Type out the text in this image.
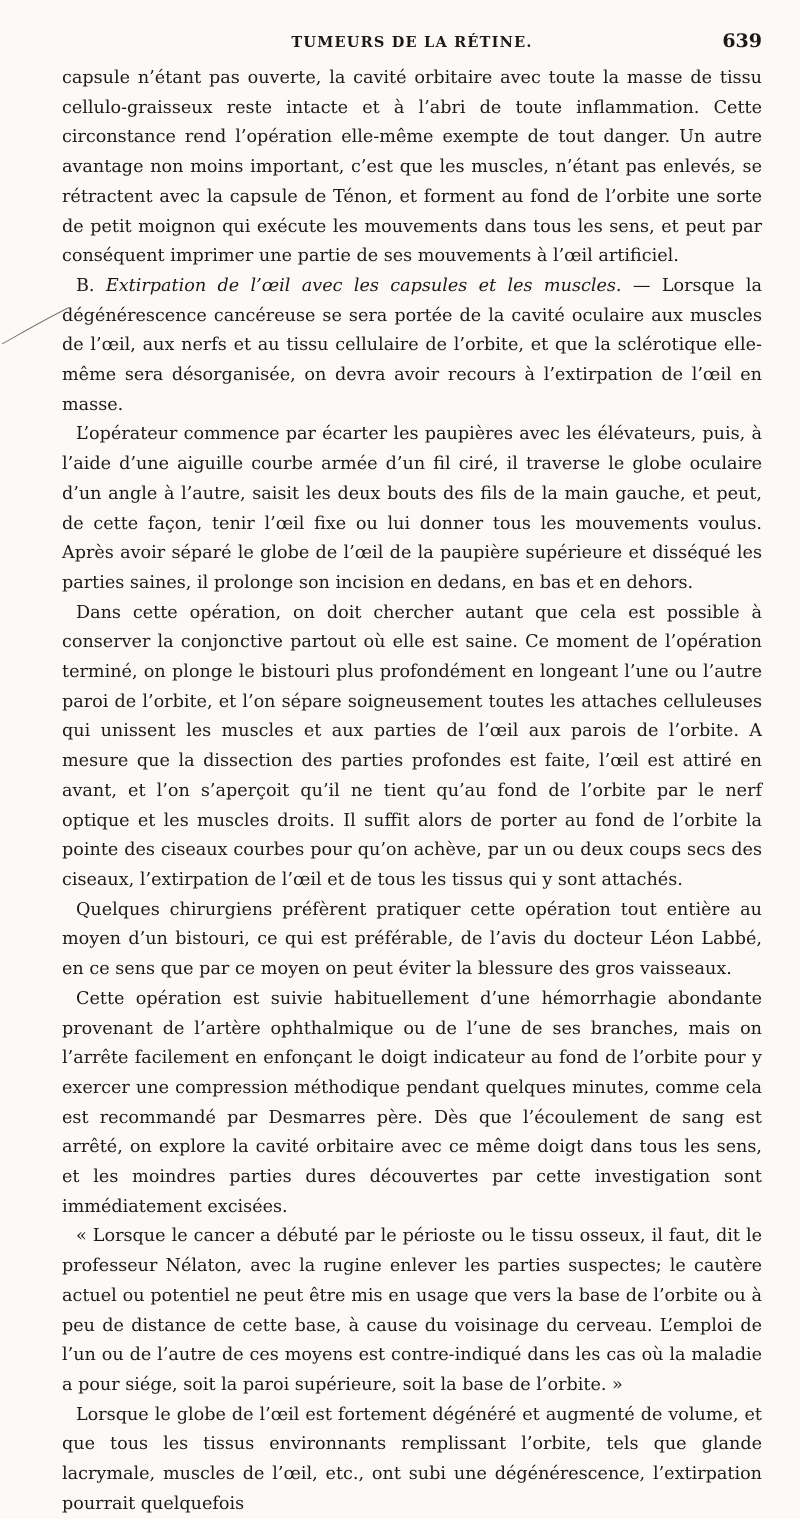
TUMEURS DE LA RÉTINE.	639

capsule n’étant pas ouverte, la cavité orbitaire avec toute la masse de tissu cellulo-graisseux reste intacte et à l’abri de toute inflammation. Cette circonstance rend l’opération elle-même exempte de tout danger. Un autre avantage non moins important, c’est que les muscles, n’étant pas enlevés, se rétractent avec la capsule de Ténon, et forment au fond de l’orbite une sorte de petit moignon qui exécute les mouvements dans tous les sens, et peut par conséquent imprimer une partie de ses mouvements à l’œil artificiel.

B. Extirpation de l’œil avec les capsules et les muscles. — Lorsque la dégénérescence cancéreuse se sera portée de la cavité oculaire aux muscles de l’œil, aux nerfs et au tissu cellulaire de l’orbite, et que la sclérotique elle-même sera désorganisée, on devra avoir recours à l’extirpation de l’œil en masse.

L’opérateur commence par écarter les paupières avec les élévateurs, puis, à l’aide d’une aiguille courbe armée d’un fil ciré, il traverse le globe oculaire d’un angle à l’autre, saisit les deux bouts des fils de la main gauche, et peut, de cette façon, tenir l’œil fixe ou lui donner tous les mouvements voulus. Après avoir séparé le globe de l’œil de la paupière supérieure et disséqué les parties saines, il prolonge son incision en dedans, en bas et en dehors.

Dans cette opération, on doit chercher autant que cela est possible à conserver la conjonctive partout où elle est saine. Ce moment de l’opération terminé, on plonge le bistouri plus profondément en longeant l’une ou l’autre paroi de l’orbite, et l’on sépare soigneusement toutes les attaches celluleuses qui unissent les muscles et aux parties de l’œil aux parois de l’orbite. A mesure que la dissection des parties profondes est faite, l’œil est attiré en avant, et l’on s’aperçoit qu’il ne tient qu’au fond de l’orbite par le nerf optique et les muscles droits. Il suffit alors de porter au fond de l’orbite la pointe des ciseaux courbes pour qu’on achève, par un ou deux coups secs des ciseaux, l’extirpation de l’œil et de tous les tissus qui y sont attachés.

Quelques chirurgiens préfèrent pratiquer cette opération tout entière au moyen d’un bistouri, ce qui est préférable, de l’avis du docteur Léon Labbé, en ce sens que par ce moyen on peut éviter la blessure des gros vaisseaux.

Cette opération est suivie habituellement d’une hémorrhagie abondante provenant de l’artère ophthalmique ou de l’une de ses branches, mais on l’arrête facilement en enfonçant le doigt indicateur au fond de l’orbite pour y exercer une compression méthodique pendant quelques minutes, comme cela est recommandé par Desmarres père. Dès que l’écoulement de sang est arrêté, on explore la cavité orbitaire avec ce même doigt dans tous les sens, et les moindres parties dures découvertes par cette investigation sont immédiatement excisées.

« Lorsque le cancer a débuté par le périoste ou le tissu osseux, il faut, dit le professeur Nélaton, avec la rugine enlever les parties suspectes; le cautère actuel ou potentiel ne peut être mis en usage que vers la base de l’orbite ou à peu de distance de cette base, à cause du voisinage du cerveau. L’emploi de l’un ou de l’autre de ces moyens est contre-indiqué dans les cas où la maladie a pour siége, soit la paroi supérieure, soit la base de l’orbite. »

Lorsque le globe de l’œil est fortement dégénéré et augmenté de volume, et que tous les tissus environnants remplissant l’orbite, tels que glande lacrymale, muscles de l’œil, etc., ont subi une dégénérescence, l’extirpation pourrait quelquefois
